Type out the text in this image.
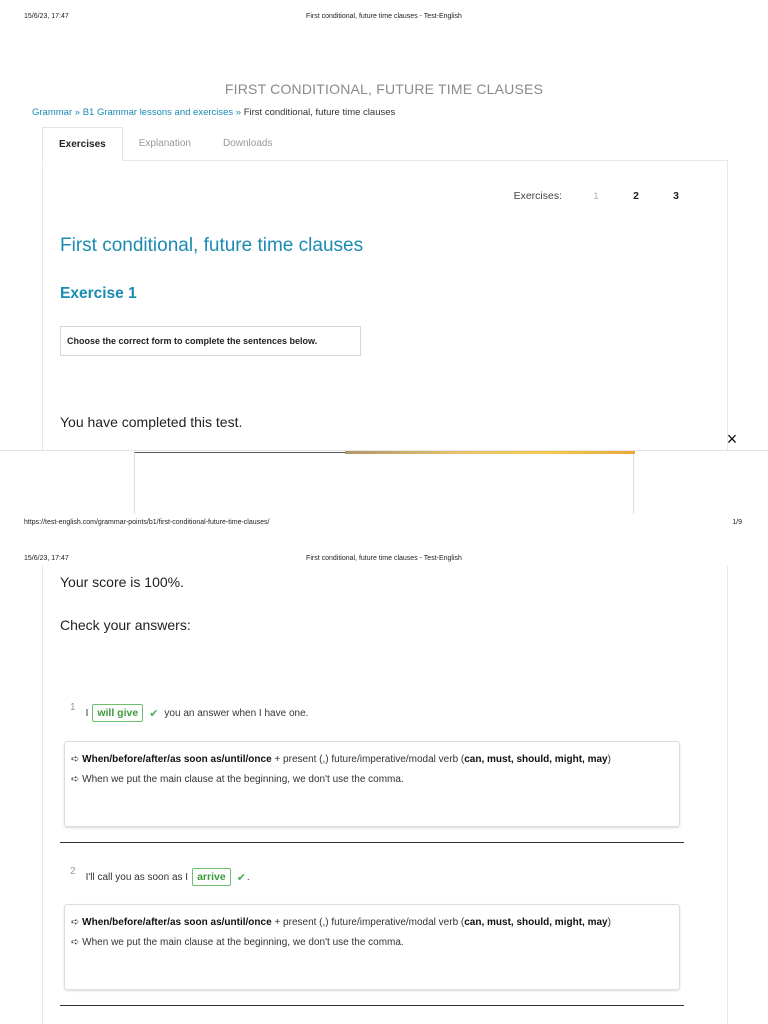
15/6/23, 17:47	First conditional, future time clauses - Test-English
FIRST CONDITIONAL, FUTURE TIME CLAUSES
Grammar » B1 Grammar lessons and exercises » First conditional, future time clauses
Exercises	Explanation	Downloads
Exercises:	1	2	3
First conditional, future time clauses
Exercise 1
Choose the correct form to complete the sentences below.
You have completed this test.
×
https://test-english.com/grammar-points/b1/first-conditional-future-time-clauses/	1/9
15/6/23, 17:47	First conditional, future time clauses - Test-English
Your score is 100%.
Check your answers:
1
I will give	✔ you an answer when I have one.
➪ When/before/after/as soon as/until/once + present (,) future/imperative/modal verb (can, must, should, might, may)
➪ When we put the main clause at the beginning, we don't use the comma.
2
I'll call you as soon as I arrive	✔ .
➪ When/before/after/as soon as/until/once + present (,) future/imperative/modal verb (can, must, should, might, may)
➪ When we put the main clause at the beginning, we don't use the comma.
